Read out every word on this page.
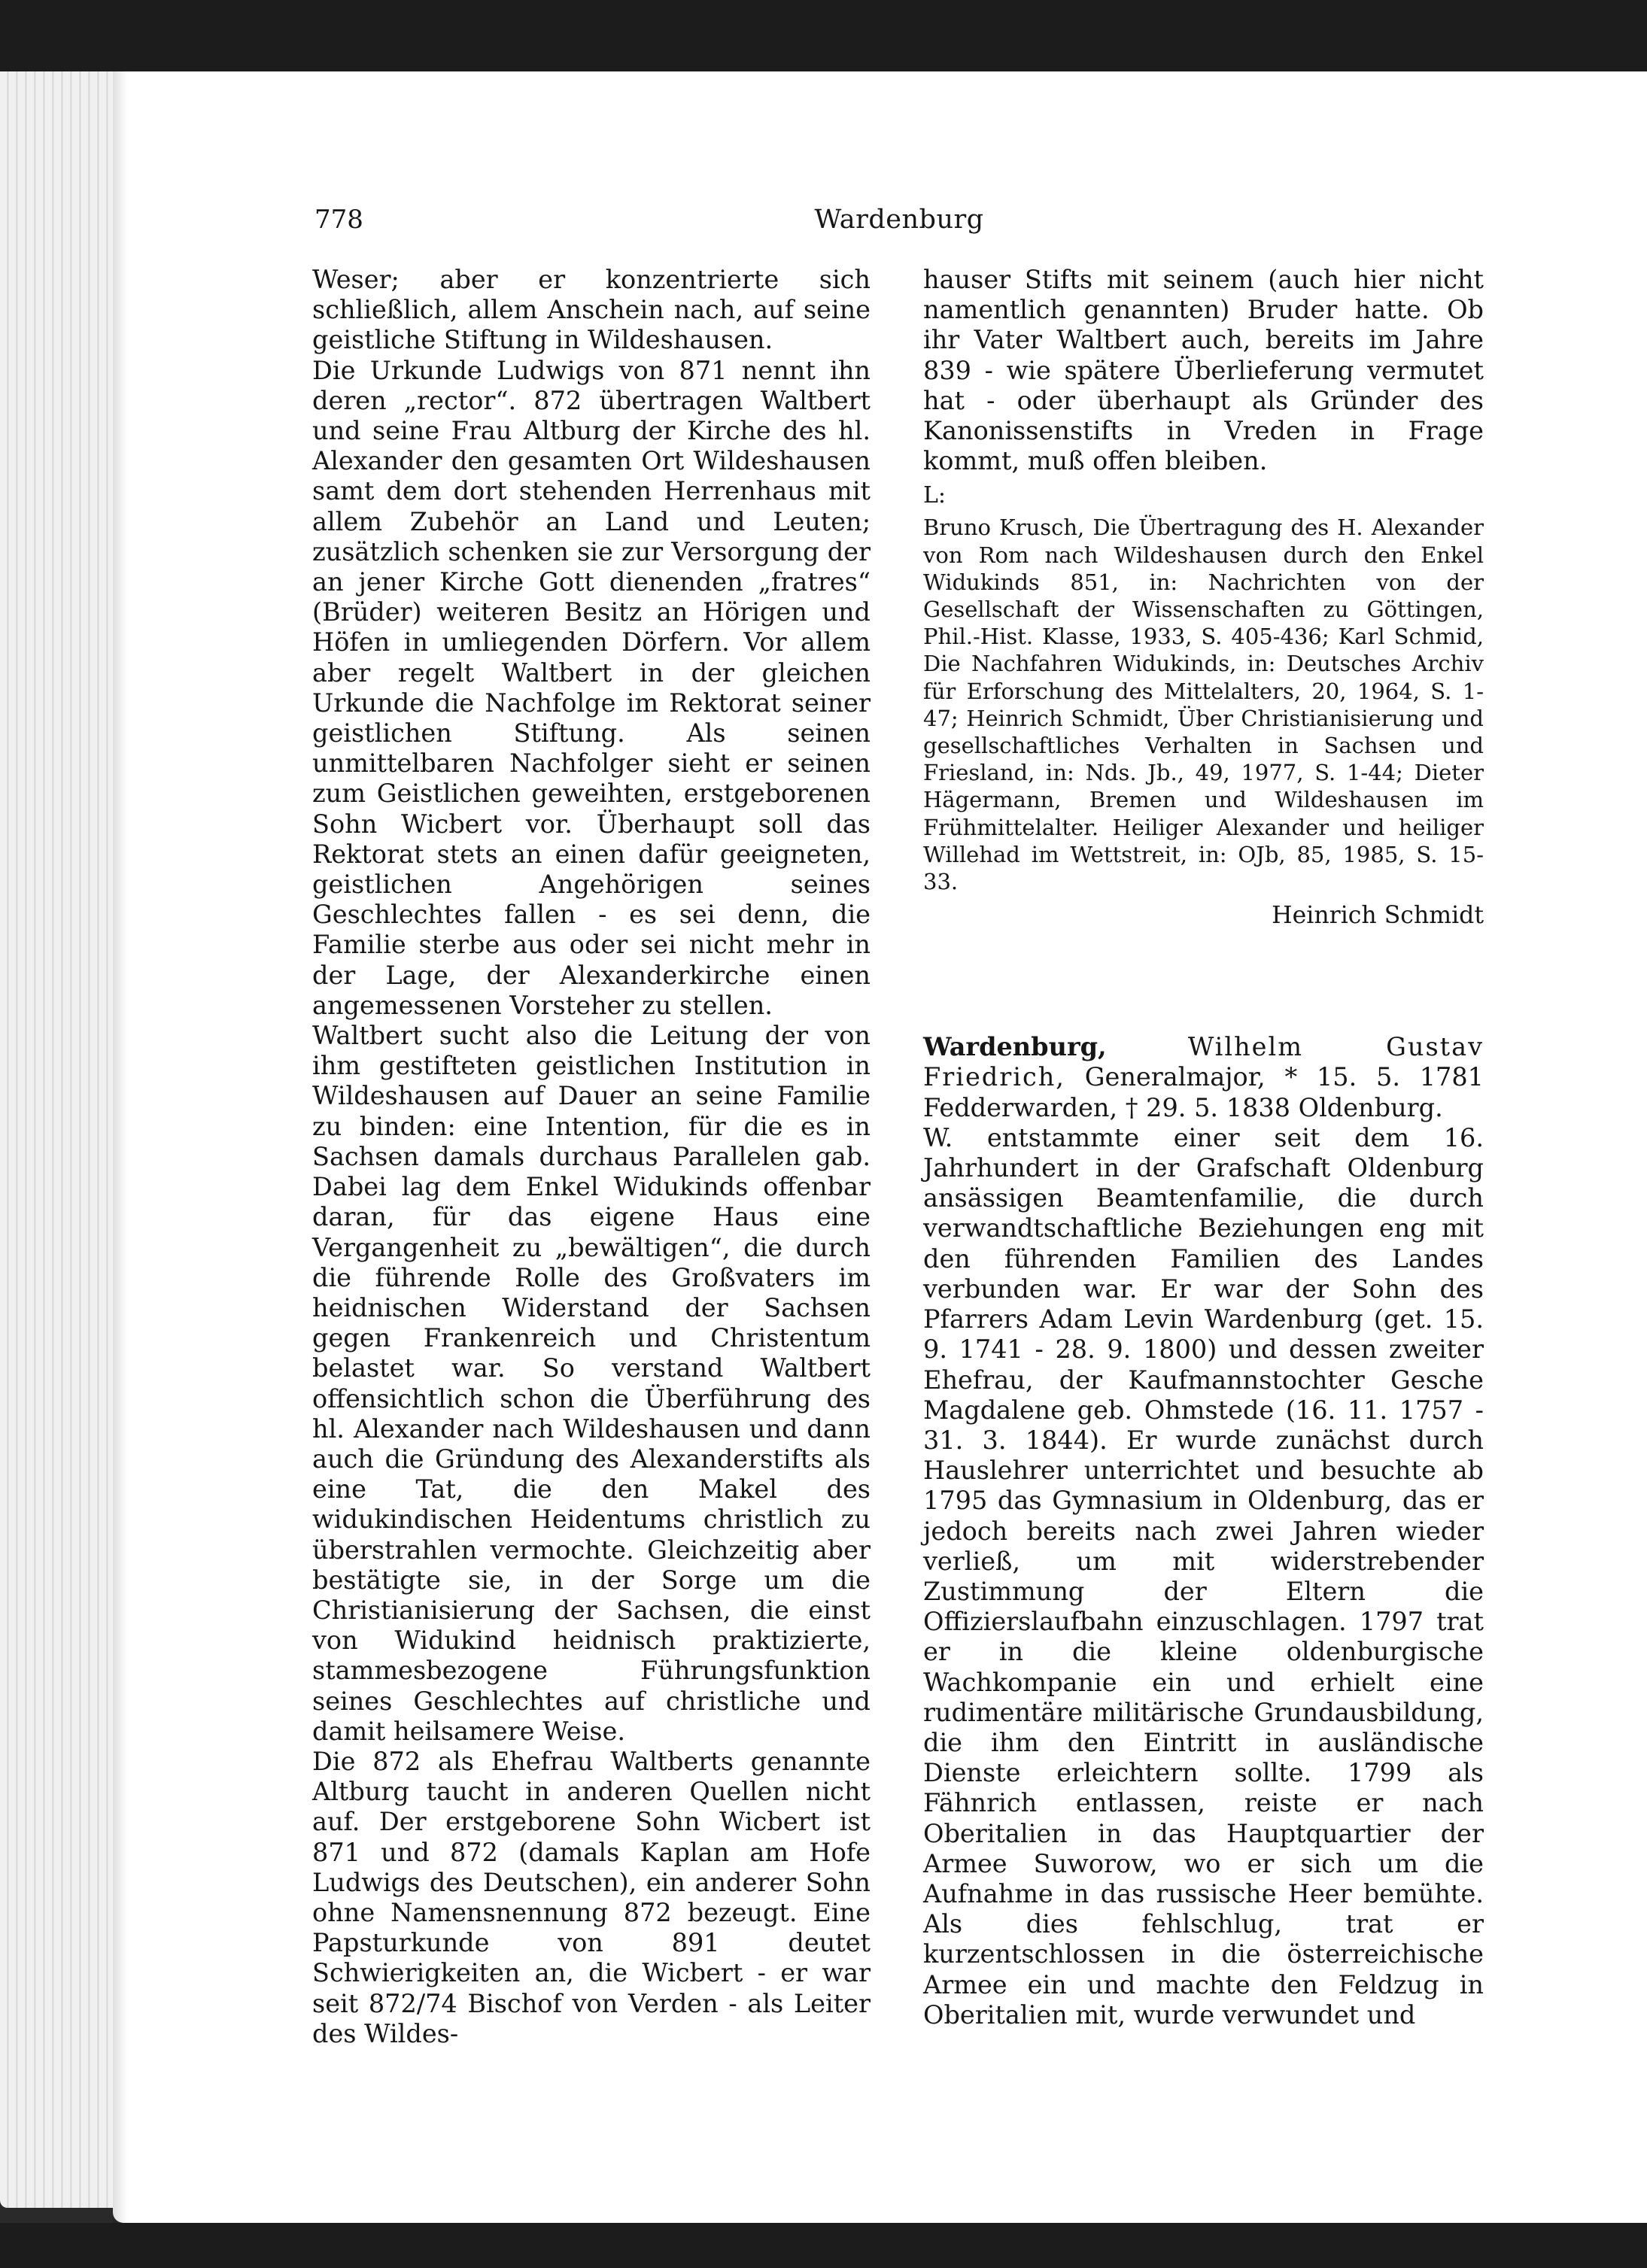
778	Wardenburg

Weser; aber er konzentrierte sich schließlich, allem Anschein nach, auf seine geistliche Stiftung in Wildeshausen.

Die Urkunde Ludwigs von 871 nennt ihn deren „rector“. 872 übertragen Waltbert und seine Frau Altburg der Kirche des hl. Alexander den gesamten Ort Wildeshausen samt dem dort stehenden Herrenhaus mit allem Zubehör an Land und Leuten; zusätzlich schenken sie zur Versorgung der an jener Kirche Gott dienenden „fratres“ (Brüder) weiteren Besitz an Hörigen und Höfen in umliegenden Dörfern. Vor allem aber regelt Waltbert in der gleichen Urkunde die Nachfolge im Rektorat seiner geistlichen Stiftung. Als seinen unmittelbaren Nachfolger sieht er seinen zum Geistlichen geweihten, erstgeborenen Sohn Wicbert vor. Überhaupt soll das Rektorat stets an einen dafür geeigneten, geistlichen Angehörigen seines Geschlechtes fallen - es sei denn, die Familie sterbe aus oder sei nicht mehr in der Lage, der Alexanderkirche einen angemessenen Vorsteher zu stellen.

Waltbert sucht also die Leitung der von ihm gestifteten geistlichen Institution in Wildeshausen auf Dauer an seine Familie zu binden: eine Intention, für die es in Sachsen damals durchaus Parallelen gab. Dabei lag dem Enkel Widukinds offenbar daran, für das eigene Haus eine Vergangenheit zu „bewältigen“, die durch die führende Rolle des Großvaters im heidnischen Widerstand der Sachsen gegen Frankenreich und Christentum belastet war. So verstand Waltbert offensichtlich schon die Überführung des hl. Alexander nach Wildeshausen und dann auch die Gründung des Alexanderstifts als eine Tat, die den Makel des widukindischen Heidentums christlich zu überstrahlen vermochte. Gleichzeitig aber bestätigte sie, in der Sorge um die Christianisierung der Sachsen, die einst von Widukind heidnisch praktizierte, stammesbezogene Führungsfunktion seines Geschlechtes auf christliche und damit heilsamere Weise.

Die 872 als Ehefrau Waltberts genannte Altburg taucht in anderen Quellen nicht auf. Der erstgeborene Sohn Wicbert ist 871 und 872 (damals Kaplan am Hofe Ludwigs des Deutschen), ein anderer Sohn ohne Namensnennung 872 bezeugt. Eine Papsturkunde von 891 deutet Schwierigkeiten an, die Wicbert - er war seit 872/74 Bischof von Verden - als Leiter des Wildes-

hauser Stifts mit seinem (auch hier nicht namentlich genannten) Bruder hatte. Ob ihr Vater Waltbert auch, bereits im Jahre 839 - wie spätere Überlieferung vermutet hat - oder überhaupt als Gründer des Kanonissenstifts in Vreden in Frage kommt, muß offen bleiben.

L:

Bruno Krusch, Die Übertragung des H. Alexander von Rom nach Wildeshausen durch den Enkel Widukinds 851, in: Nachrichten von der Gesellschaft der Wissenschaften zu Göttingen, Phil.-Hist. Klasse, 1933, S. 405-436; Karl Schmid, Die Nachfahren Widukinds, in: Deutsches Archiv für Erforschung des Mittelalters, 20, 1964, S. 1-47; Heinrich Schmidt, Über Christianisierung und gesellschaftliches Verhalten in Sachsen und Friesland, in: Nds. Jb., 49, 1977, S. 1-44; Dieter Hägermann, Bremen und Wildeshausen im Frühmittelalter. Heiliger Alexander und heiliger Willehad im Wettstreit, in: OJb, 85, 1985, S. 15-33.

Heinrich Schmidt

Wardenburg,	Wilhelm Gustav Friedrich, Generalmajor, * 15. 5. 1781 Fedderwarden, † 29. 5. 1838 Oldenburg.

W. entstammte einer seit dem 16. Jahrhundert in der Grafschaft Oldenburg ansässigen Beamtenfamilie, die durch verwandtschaftliche Beziehungen eng mit den führenden Familien des Landes verbunden war. Er war der Sohn des Pfarrers Adam Levin Wardenburg (get. 15. 9. 1741 - 28. 9. 1800) und dessen zweiter Ehefrau, der Kaufmannstochter Gesche Magdalene geb. Ohmstede (16. 11. 1757 - 31. 3. 1844). Er wurde zunächst durch Hauslehrer unterrichtet und besuchte ab 1795 das Gymnasium in Oldenburg, das er jedoch bereits nach zwei Jahren wieder verließ, um mit widerstrebender Zustimmung der Eltern die Offizierslaufbahn einzuschlagen. 1797 trat er in die kleine oldenburgische Wachkompanie ein und erhielt eine rudimentäre militärische Grundausbildung, die ihm den Eintritt in ausländische Dienste erleichtern sollte. 1799 als Fähnrich entlassen, reiste er nach Oberitalien in das Hauptquartier der Armee Suworow, wo er sich um die Aufnahme in das russische Heer bemühte. Als dies fehlschlug, trat er kurzentschlossen in die österreichische Armee ein und machte den Feldzug in Oberitalien mit, wurde verwundet und
